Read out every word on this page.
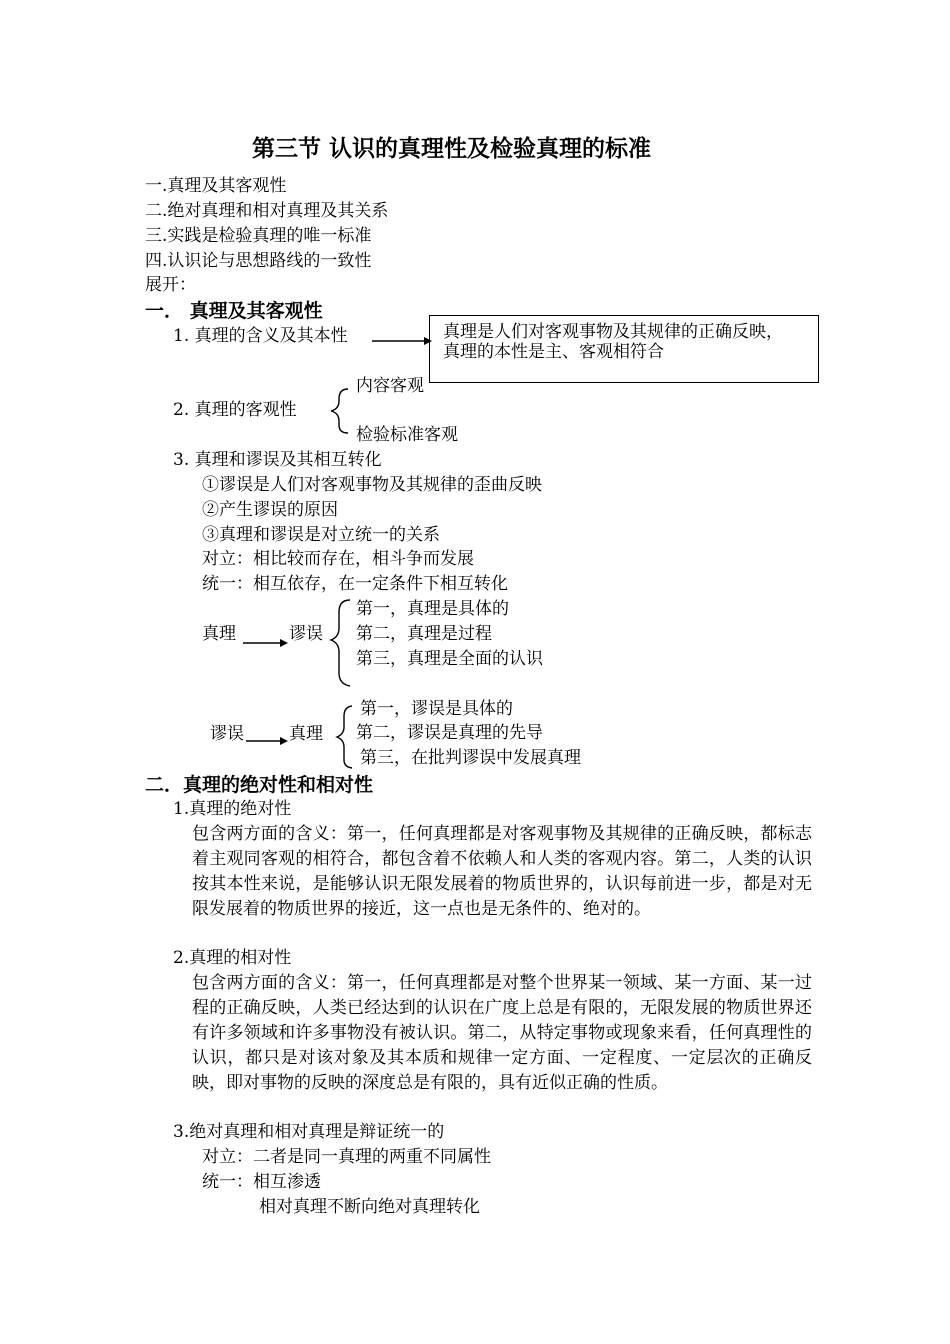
第三节 认识的真理性及检验真理的标准
一.真理及其客观性
二.绝对真理和相对真理及其关系
三.实践是检验真理的唯一标准
四.认识论与思想路线的一致性
展开：
一． 真理及其客观性
1. 真理的含义及其本性	真理是人们对客观事物及其规律的正确反映，
真理的本性是主、客观相符合
2. 真理的客观性
内容客观
检验标准客观
3. 真理和谬误及其相互转化
①谬误是人们对客观事物及其规律的歪曲反映
②产生谬误的原因
③真理和谬误是对立统一的关系
对立：相比较而存在，相斗争而发展
统一：相互依存，在一定条件下相互转化
真理	谬误
第一，真理是具体的
第二，真理是过程
第三，真理是全面的认识
谬误	真理
第一，谬误是具体的
第二，谬误是真理的先导
第三，在批判谬误中发展真理
二．真理的绝对性和相对性
1.真理的绝对性
包含两方面的含义：第一，任何真理都是对客观事物及其规律的正确反映，都标志着主观同客观的相符合，都包含着不依赖人和人类的客观内容。第二，人类的认识按其本性来说，是能够认识无限发展着的物质世界的，认识每前进一步，都是对无限发展着的物质世界的接近，这一点也是无条件的、绝对的。
2.真理的相对性
包含两方面的含义：第一，任何真理都是对整个世界某一领域、某一方面、某一过程的正确反映，人类已经达到的认识在广度上总是有限的，无限发展的物质世界还有许多领域和许多事物没有被认识。第二，从特定事物或现象来看，任何真理性的认识，都只是对该对象及其本质和规律一定方面、一定程度、一定层次的正确反映，即对事物的反映的深度总是有限的，具有近似正确的性质。
3.绝对真理和相对真理是辩证统一的
对立：二者是同一真理的两重不同属性
统一：相互渗透
相对真理不断向绝对真理转化
